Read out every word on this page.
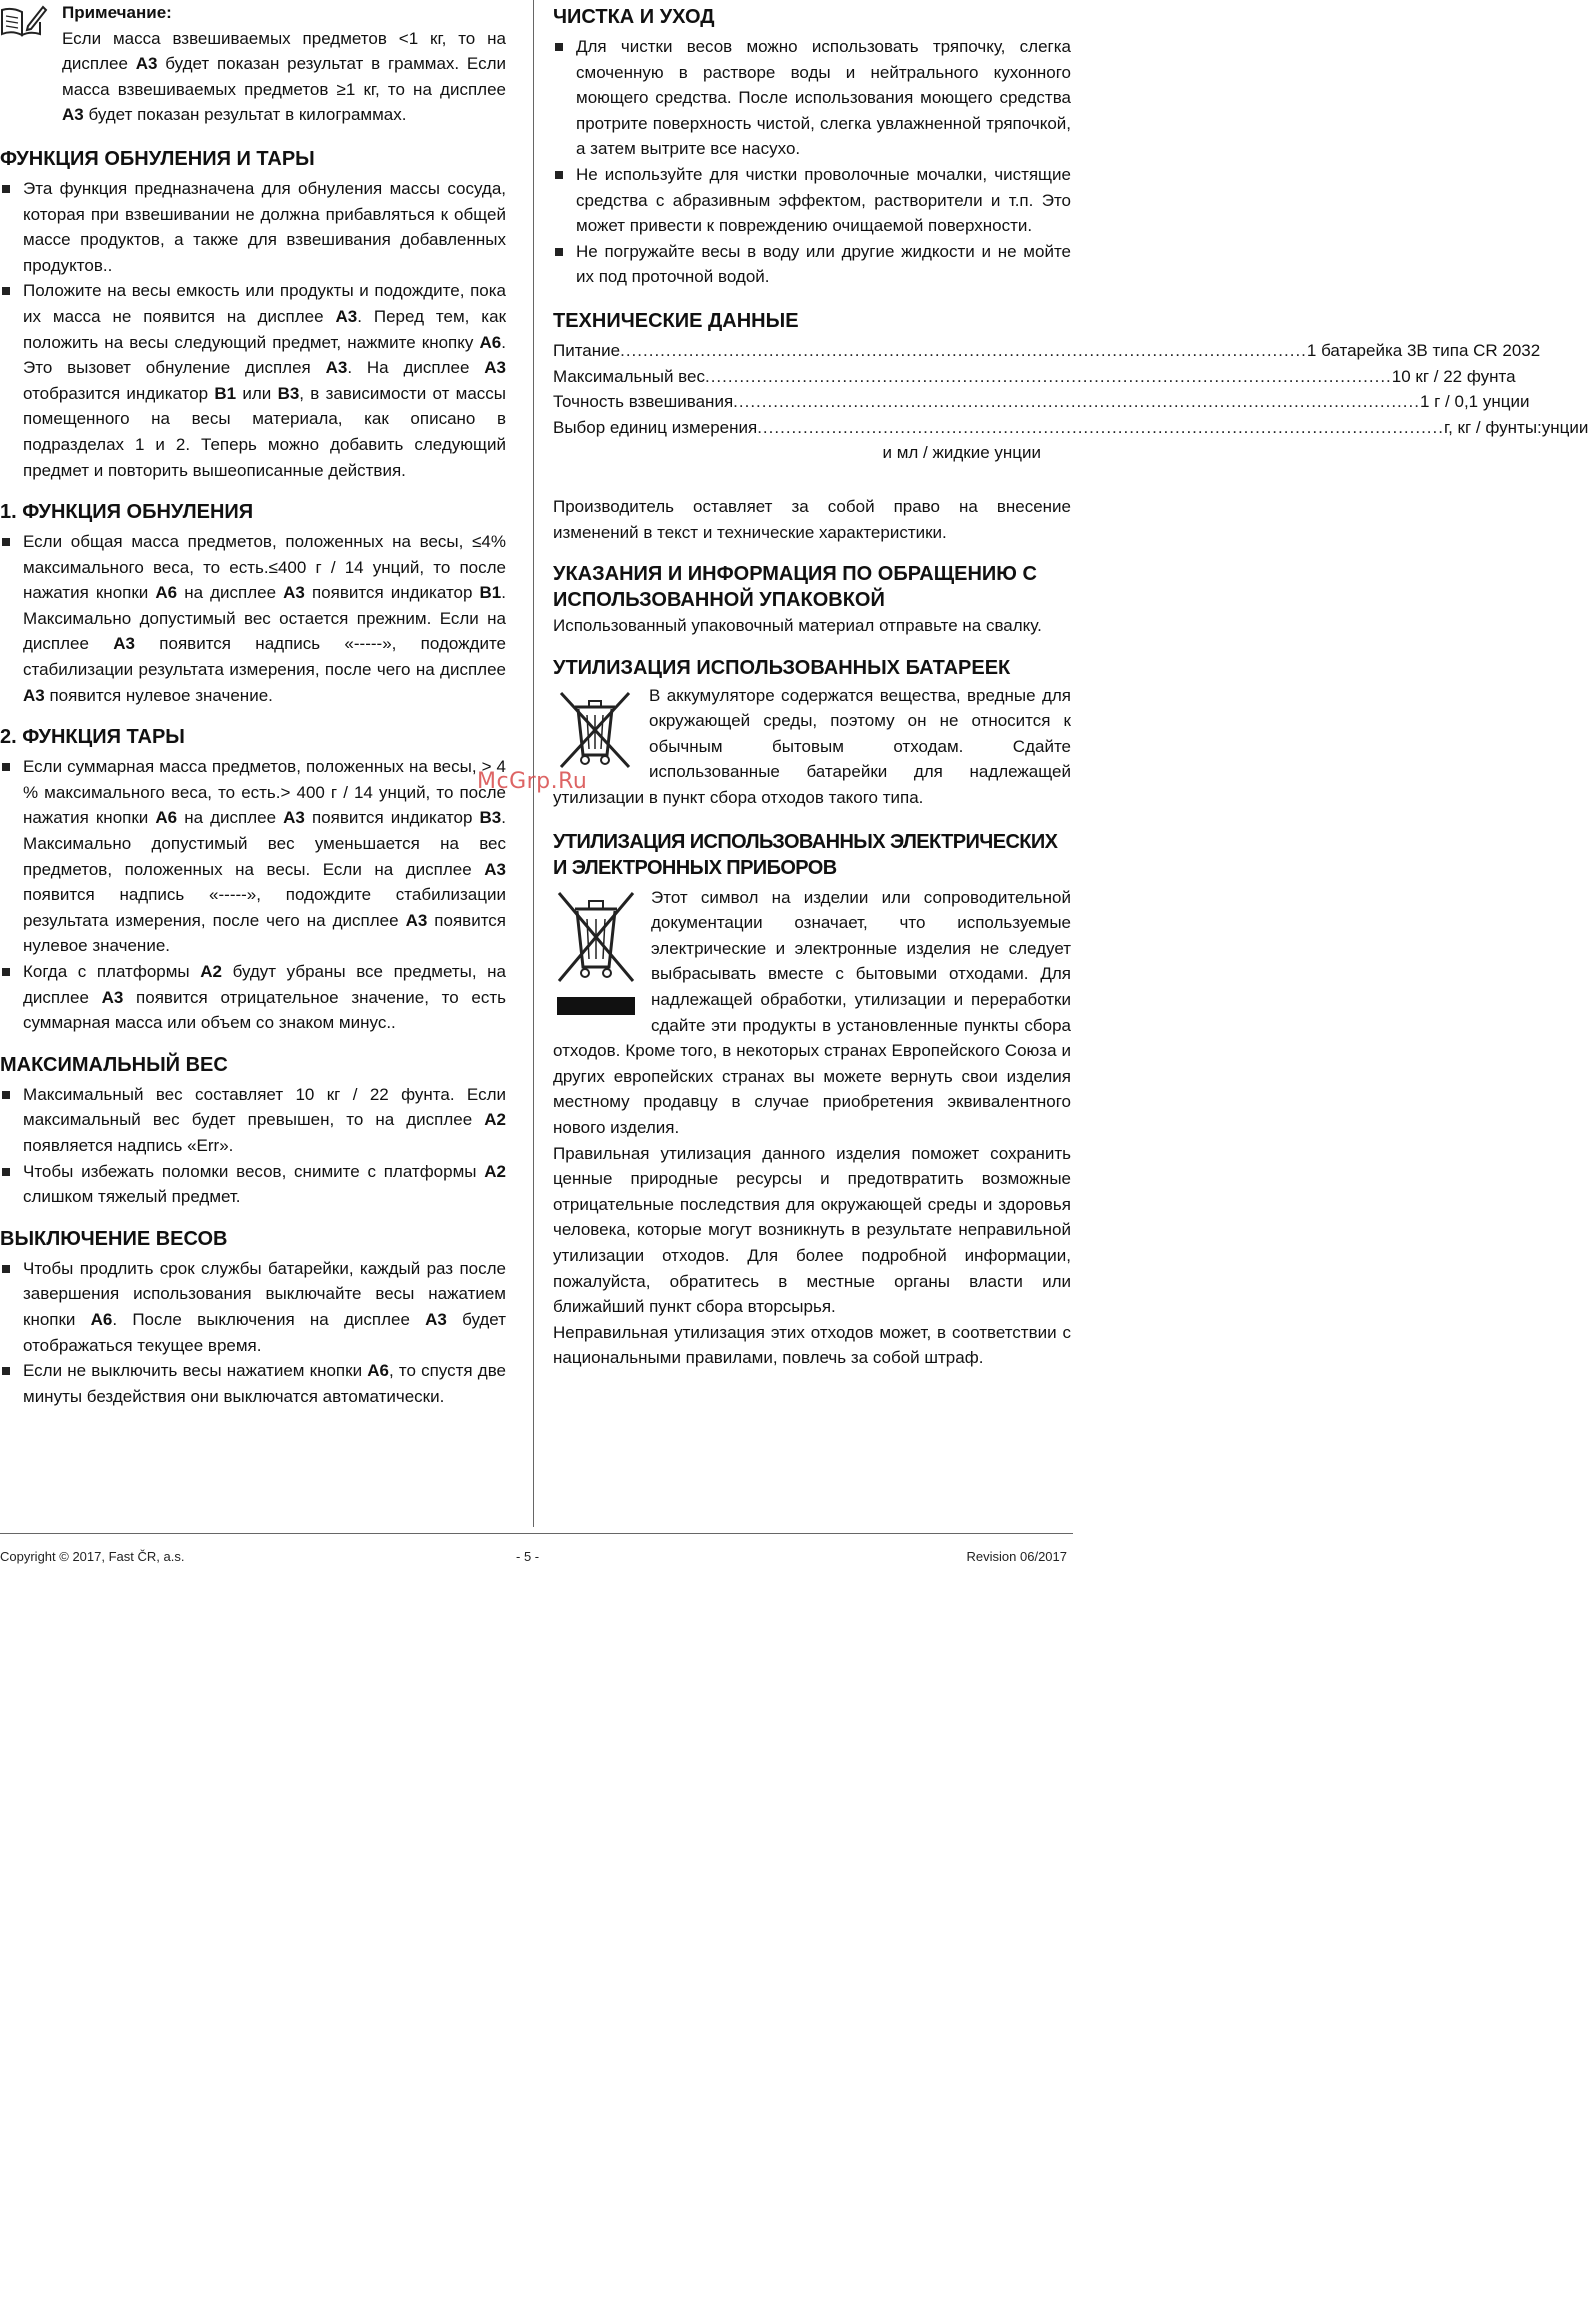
Примечание:

Если масса взвешиваемых предметов <1 кг, то на дисплее A3 будет показан результат в граммах. Если масса взвешиваемых предметов ≥1 кг, то на дисплее A3 будет показан результат в килограммах.

ФУНКЦИЯ ОБНУЛЕНИЯ И ТАРЫ
Эта функция предназначена для обнуления массы сосуда, которая при взвешивании не должна прибавляться к общей массе продуктов, а также для взвешивания добавленных продуктов..
Положите на весы емкость или продукты и подождите, пока их масса не появится на дисплее A3. Перед тем, как положить на весы следующий предмет, нажмите кнопку A6. Это вызовет обнуление дисплея A3. На дисплее A3 отобразится индикатор B1 или B3, в зависимости от массы помещенного на весы материала, как описано в подразделах 1 и 2. Теперь можно добавить следующий предмет и повторить вышеописанные действия.
1. ФУНКЦИЯ ОБНУЛЕНИЯ
Если общая масса предметов, положенных на весы, ≤4% максимального веса, то есть.≤400 г / 14 унций, то после нажатия кнопки A6 на дисплее A3 появится индикатор B1. Максимально допустимый вес остается прежним. Если на дисплее A3 появится надпись «-----», подождите стабилизации результата измерения, после чего на дисплее A3 появится нулевое значение.
2. ФУНКЦИЯ ТАРЫ
Если суммарная масса предметов, положенных на весы, > 4 % максимального веса, то есть.> 400 г / 14 унций, то после нажатия кнопки A6 на дисплее A3 появится индикатор B3. Максимально допустимый вес уменьшается на вес предметов, положенных на весы. Если на дисплее A3 появится надпись «-----», подождите стабилизации результата измерения, после чего на дисплее A3 появится нулевое значение.
Когда с платформы A2 будут убраны все предметы, на дисплее A3 появится отрицательное значение, то есть суммарная масса или объем со знаком минус..
МАКСИМАЛЬНЫЙ ВЕС
Максимальный вес составляет 10 кг / 22 фунта. Если максимальный вес будет превышен, то на дисплее A2 появляется надпись «Err».
Чтобы избежать поломки весов, снимите с платформы A2 слишком тяжелый предмет.
ВЫКЛЮЧЕНИЕ ВЕСОВ
Чтобы продлить срок службы батарейки, каждый раз после завершения использования выключайте весы нажатием кнопки A6. После выключения на дисплее A3 будет отображаться текущее время.
Если не выключить весы нажатием кнопки A6, то спустя две минуты бездействия они выключатся автоматически.
ЧИСТКА И УХОД
Для чистки весов можно использовать тряпочку, слегка смоченную в растворе воды и нейтрального кухонного моющего средства. После использования моющего средства протрите поверхность чистой, слегка увлажненной тряпочкой, а затем вытрите все насухо.
Не используйте для чистки проволочные мочалки, чистящие средства с абразивным эффектом, растворители и т.п. Это может привести к повреждению очищаемой поверхности.
Не погружайте весы в воду или другие жидкости и не мойте их под проточной водой.
ТЕХНИЧЕСКИЕ ДАННЫЕ
Питание ........................................................................................................................ 1 батарейка 3В типа CR 2032
Максимальный вес ........................................................................................................................ 10 кг / 22 фунта
Точность взвешивания ........................................................................................................................ 1 г / 0,1 унции
Выбор единиц измерения ........................................................................................................................ г, кг / фунты:унции
и мл / жидкие унции

Производитель оставляет за собой право на внесение изменений в текст и технические характеристики.

УКАЗАНИЯ И ИНФОРМАЦИЯ ПО ОБРАЩЕНИЮ С ИСПОЛЬЗОВАННОЙ УПАКОВКОЙ

Использованный упаковочный материал отправьте на свалку.

УТИЛИЗАЦИЯ ИСПОЛЬЗОВАННЫХ БАТАРЕЕК

В аккумуляторе содержатся вещества, вредные для окружающей среды, поэтому он не относится к обычным бытовым отходам. Сдайте использованные батарейки для надлежащей утилизации в пункт сбора отходов такого типа.

УТИЛИЗАЦИЯ ИСПОЛЬЗОВАННЫХ ЭЛЕКТРИЧЕСКИХ И ЭЛЕКТРОННЫХ ПРИБОРОВ

Этот символ на изделии или сопроводительной документации означает, что используемые электрические и электронные изделия не следует выбрасывать вместе с бытовыми отходами. Для надлежащей обработки, утилизации и переработки сдайте эти продукты в установленные пункты сбора отходов. Кроме того, в некоторых странах Европейского Союза и других европейских странах вы можете вернуть свои изделия местному продавцу в случае приобретения эквивалентного нового изделия.

Правильная утилизация данного изделия поможет сохранить ценные природные ресурсы и предотвратить возможные отрицательные последствия для окружающей среды и здоровья человека, которые могут возникнуть в результате неправильной утилизации отходов. Для более подробной информации, пожалуйста, обратитесь в местные органы власти или ближайший пункт сбора вторсырья.

Неправильная утилизация этих отходов может, в соответствии с национальными правилами, повлечь за собой штраф.

McGrp.Ru
Copyright © 2017, Fast ČR, a.s.	- 5 -	Revision 06/2017
